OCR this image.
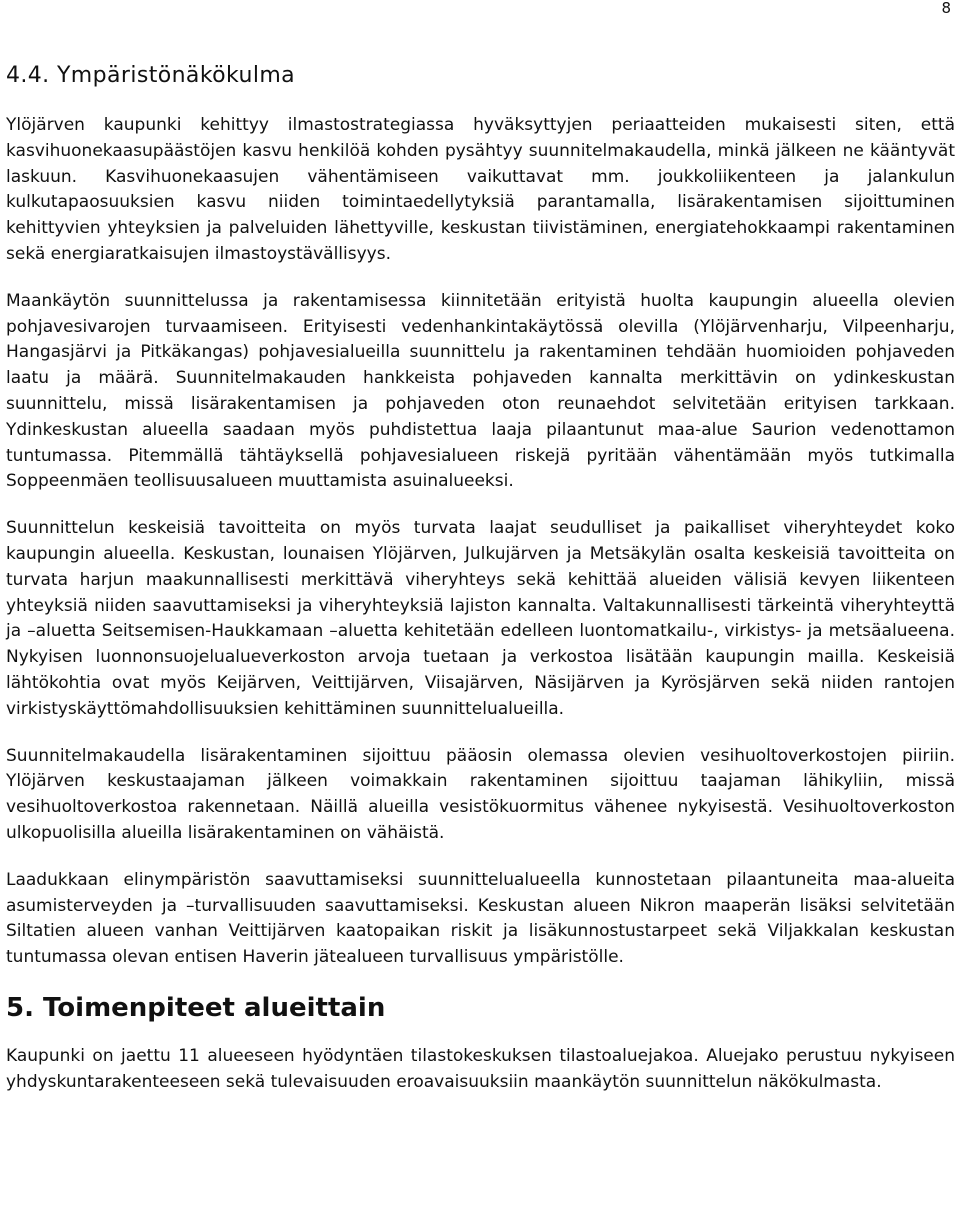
8
4.4. Ympäristönäkökulma

Ylöjärven kaupunki kehittyy ilmastostrategiassa hyväksyttyjen periaatteiden mukaisesti siten, että kasvihuonekaasupäästöjen kasvu henkilöä kohden pysähtyy suunnitelmakaudella, minkä jälkeen ne kääntyvät laskuun. Kasvihuonekaasujen vähentämiseen vaikuttavat mm. joukkoliikenteen ja jalankulun kulkutapaosuuksien kasvu niiden toimintaedellytyksiä parantamalla, lisärakentamisen sijoittuminen kehittyvien yhteyksien ja palveluiden lähettyville, keskustan tiivistäminen, energiatehokkaampi rakentaminen sekä energiaratkaisujen ilmastoystävällisyys.

Maankäytön suunnittelussa ja rakentamisessa kiinnitetään erityistä huolta kaupungin alueella olevien pohjavesivarojen turvaamiseen. Erityisesti vedenhankintakäytössä olevilla (Ylöjärvenharju, Vilpeenharju, Hangasjärvi ja Pitkäkangas) pohjavesialueilla suunnittelu ja rakentaminen tehdään huomioiden pohjaveden laatu ja määrä. Suunnitelmakauden hankkeista pohjaveden kannalta merkittävin on ydinkeskustan suunnittelu, missä lisärakentamisen ja pohjaveden oton reunaehdot selvitetään erityisen tarkkaan. Ydinkeskustan alueella saadaan myös puhdistettua laaja pilaantunut maa-alue Saurion vedenottamon tuntumassa. Pitemmällä tähtäyksellä pohjavesialueen riskejä pyritään vähentämään myös tutkimalla Soppeenmäen teollisuusalueen muuttamista asuinalueeksi.

Suunnittelun keskeisiä tavoitteita on myös turvata laajat seudulliset ja paikalliset viheryhteydet koko kaupungin alueella. Keskustan, lounaisen Ylöjärven, Julkujärven ja Metsäkylän osalta keskeisiä tavoitteita on turvata harjun maakunnallisesti merkittävä viheryhteys sekä kehittää alueiden välisiä kevyen liikenteen yhteyksiä niiden saavuttamiseksi ja viheryhteyksiä lajiston kannalta. Valtakunnallisesti tärkeintä viheryhteyttä ja –aluetta Seitsemisen-Haukkamaan –aluetta kehitetään edelleen luontomatkailu-, virkistys- ja metsäalueena. Nykyisen luonnonsuojelualueverkoston arvoja tuetaan ja verkostoa lisätään kaupungin mailla. Keskeisiä lähtökohtia ovat myös Keijärven, Veittijärven, Viisajärven, Näsijärven ja Kyrösjärven sekä niiden rantojen virkistyskäyttömahdollisuuksien kehittäminen suunnittelualueilla.

Suunnitelmakaudella lisärakentaminen sijoittuu pääosin olemassa olevien vesihuoltoverkostojen piiriin. Ylöjärven keskustaajaman jälkeen voimakkain rakentaminen sijoittuu taajaman lähikyliin, missä vesihuoltoverkostoa rakennetaan. Näillä alueilla vesistökuormitus vähenee nykyisestä. Vesihuoltoverkoston ulkopuolisilla alueilla lisärakentaminen on vähäistä.

Laadukkaan elinympäristön saavuttamiseksi suunnittelualueella kunnostetaan pilaantuneita maa-alueita asumisterveyden ja –turvallisuuden saavuttamiseksi. Keskustan alueen Nikron maaperän lisäksi selvitetään Siltatien alueen vanhan Veittijärven kaatopaikan riskit ja lisäkunnostustarpeet sekä Viljakkalan keskustan tuntumassa olevan entisen Haverin jätealueen turvallisuus ympäristölle.

5. Toimenpiteet alueittain

Kaupunki on jaettu 11 alueeseen hyödyntäen tilastokeskuksen tilastoaluejakoa. Aluejako perustuu nykyiseen yhdyskuntarakenteeseen sekä tulevaisuuden eroavaisuuksiin maankäytön suunnittelun näkökulmasta.
